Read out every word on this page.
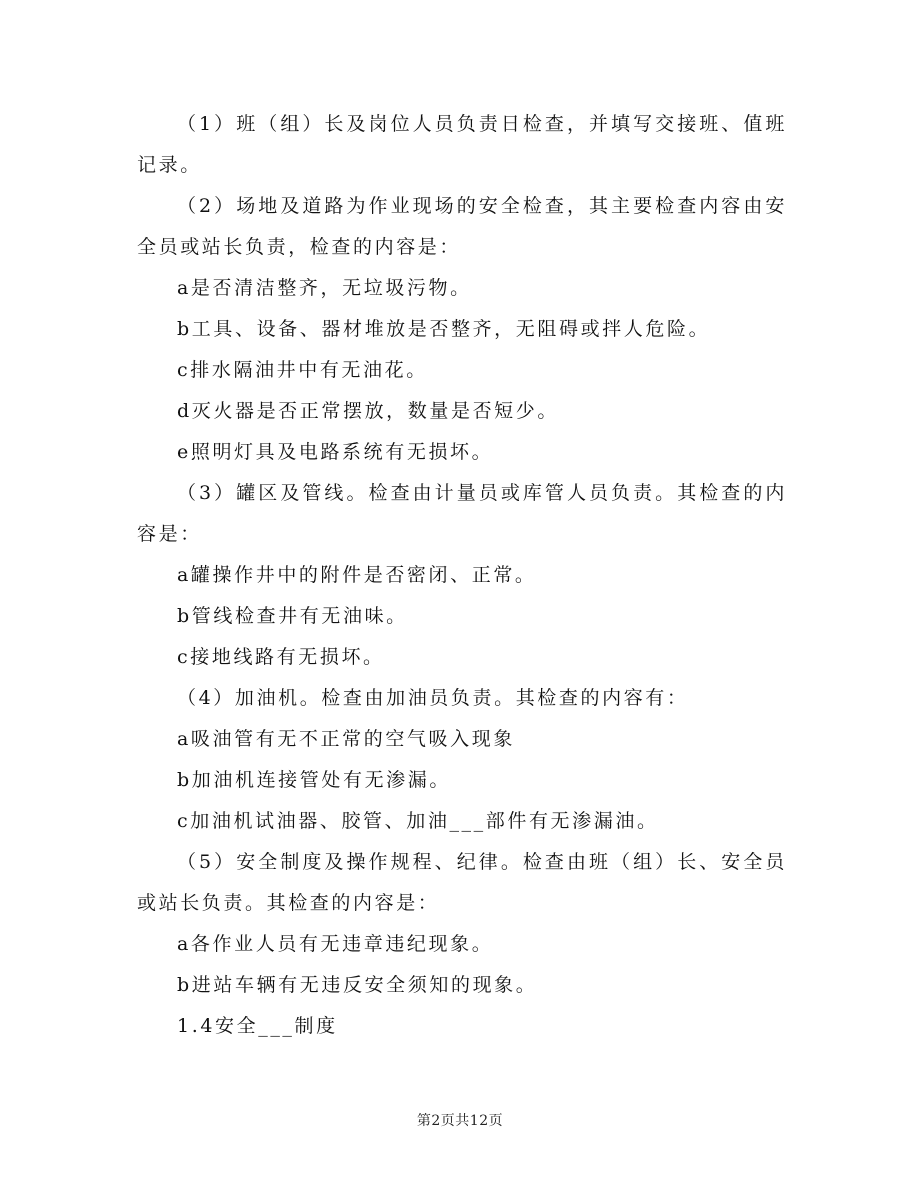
（1）班（组）长及岗位人员负责日检查，并填写交接班、值班记录。

（2）场地及道路为作业现场的安全检查，其主要检查内容由安全员或站长负责，检查的内容是：

a是否清洁整齐，无垃圾污物。

b工具、设备、器材堆放是否整齐，无阻碍或拌人危险。

c排水隔油井中有无油花。

d灭火器是否正常摆放，数量是否短少。

e照明灯具及电路系统有无损坏。

（3）罐区及管线。检查由计量员或库管人员负责。其检查的内容是：

a罐操作井中的附件是否密闭、正常。

b管线检查井有无油味。

c接地线路有无损坏。

（4）加油机。检查由加油员负责。其检查的内容有：

a吸油管有无不正常的空气吸入现象

b加油机连接管处有无渗漏。

c加油机试油器、胶管、加油___部件有无渗漏油。

（5）安全制度及操作规程、纪律。检查由班（组）长、安全员或站长负责。其检查的内容是：

a各作业人员有无违章违纪现象。

b进站车辆有无违反安全须知的现象。

1.4安全___制度

第2页共12页
